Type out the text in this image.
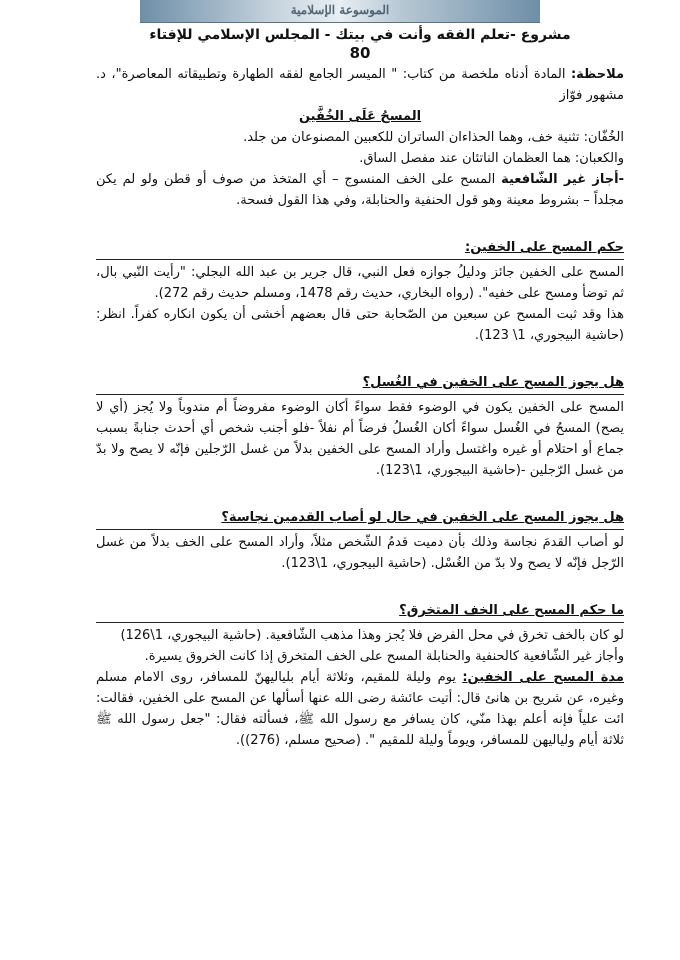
الموسوعة الإسلامية

مشروع -تعلم الفقه وأنت في بيتك - المجلس الإسلامي للإفتاء

80

ملاحظة: المادة أدناه ملخصة من كتاب: " الميسر الجامع لفقه الطهارة وتطبيقاته المعاصرة"، د. مشهور فوّاز

المسحُ عَلَى الخُفَّين

الخُفّان: تثنية خف، وهما الحذاءان الساتران للكعبين المصنوعان من جلد.

والكعبان: هما العظمان الناتئان عند مفصل الساق.

-أجاز غير الشّافعية المسح على الخف المنسوج – أي المتخذ من صوف أو قطن ولو لم يكن مجلداً – بشروط معينة وهو قول الحنفية والحنابلة، وفي هذا القول فسحة.

حكم المسح على الخفين:

المسح على الخفين جائز ودليلُ جوازه فعل النبي، قال جرير بن عبد الله البجلي: "رأيت النّبي بال، ثم توضأ ومسح على خفيه". (رواه البخاري، حديث رقم 1478، ومسلم حديث رقم 272).

هذا وقد ثبت المسح عن سبعين من الصّحابة حتى قال بعضهم أخشى أن يكون انكاره كفراً. انظر: (حاشية البيجوري، 1\ 123).

هل يجوز المسح على الخفين في الغُسل؟

المسح على الخفين يكون في الوضوء فقط سواءً أكان الوضوء مفروضاً أم مندوباً ولا يُجز (أي لا يصح) المسحُ في الغُسل سواءً أكان الغُسلُ فرضاً أم نفلاً -فلو أجنب شخص أي أحدث جنابةً بسبب جماع أو احتلام أو غيره واغتسل وأراد المسح على الخفين بدلاً من غسل الرّجلين فإنّه لا يصح ولا بدّ من غسل الرّجلين -(حاشية البيجوري، 1\123).

هل يجوز المسح على الخفين في حال لو أصاب القدمين نجاسة؟

لو أصاب القدمَ نجاسة وذلك بأن دميت قدمُ الشّخص مثلاً، وأراد المسح على الخف بدلاً من غسل الرّجل فإنّه لا يصح ولا بدّ من الغُسْل. (حاشية البيجوري، 1\123).

ما حكم المسح على الخف المتخرق؟

لو كان بالخف تخرق في محل الفرض فلا يُجز وهذا مذهب الشّافعية. (حاشية البيجوري، 1\126)

وأجاز غير الشّافعية كالحنفية والحنابلة المسح على الخف المتخرق إذا كانت الخروق يسيرة.

مدة المسح على الخفين: يوم وليلة للمقيم، وثلاثة أيام بلياليهنّ للمسافر، روى الامام مسلم وغيره، عن شريح بن هانئ قال: أتيت عائشة رضى الله عنها أسألها عن المسح على الخفين، فقالت: ائت علياً فإنه أعلم بهذا منّي، كان يسافر مع رسول الله ﷺ، فسألته فقال: "جعل رسول الله ﷺ ثلاثة أيام ولياليهن للمسافر، ويوماً وليلة للمقيم ". (صحيح مسلم، (276)).
